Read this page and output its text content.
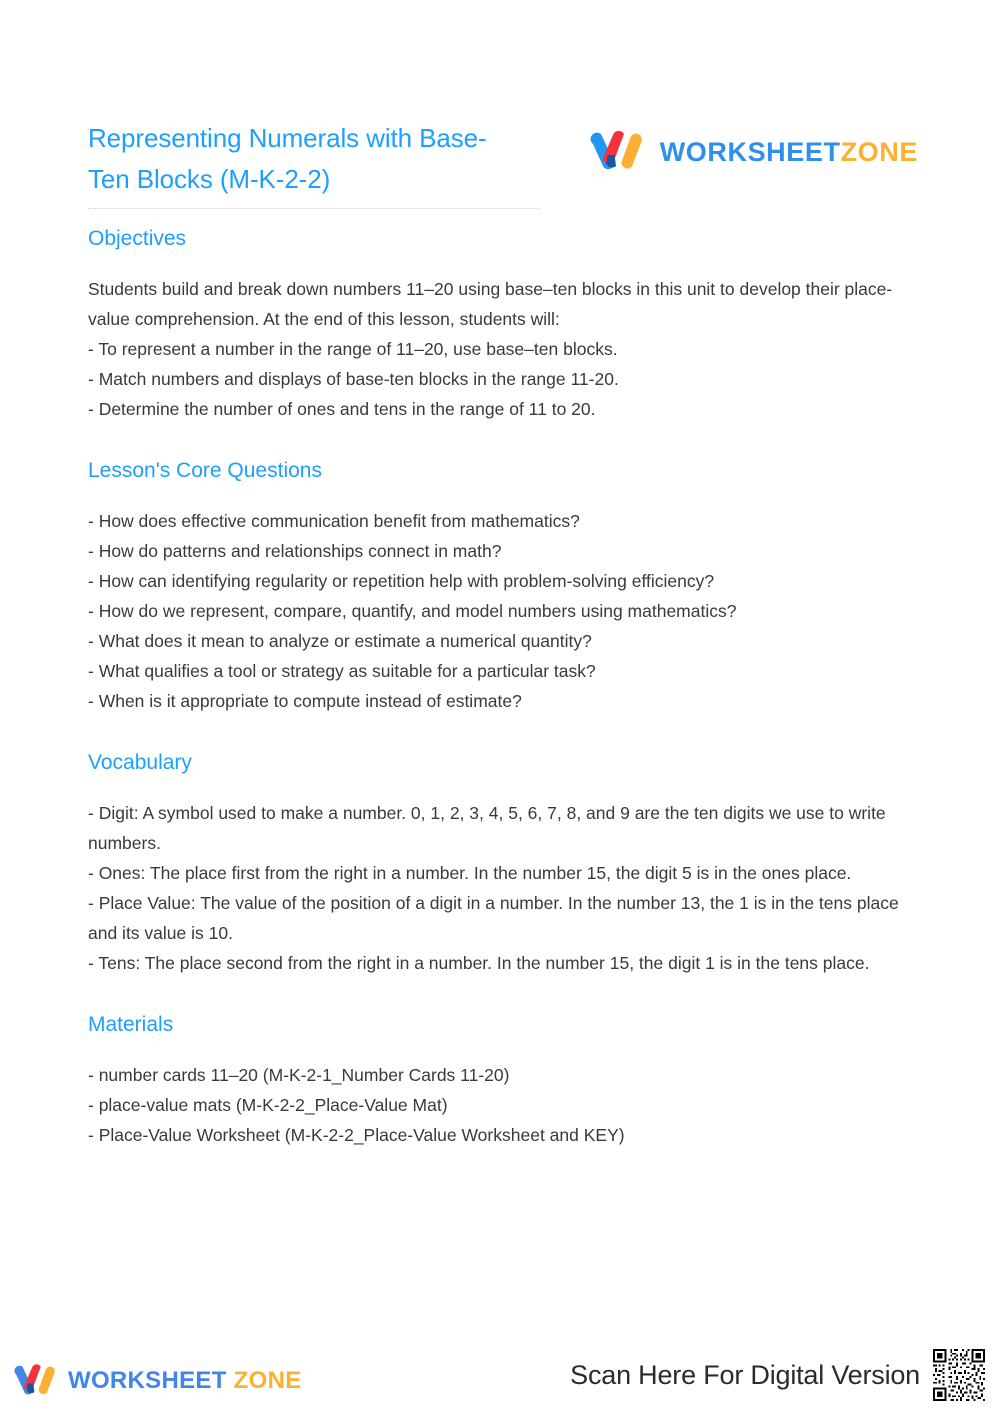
Representing Numerals with Base-
Ten Blocks (M-K-2-2)
WORKSHEETZONE
Objectives

Students build and break down numbers 11–20 using base–ten blocks in this unit to develop their place-value comprehension. At the end of this lesson, students will:

- To represent a number in the range of 11–20, use base–ten blocks.

- Match numbers and displays of base-ten blocks in the range 11-20.

- Determine the number of ones and tens in the range of 11 to 20.

Lesson's Core Questions

- How does effective communication benefit from mathematics?

- How do patterns and relationships connect in math?

- How can identifying regularity or repetition help with problem-solving efficiency?

- How do we represent, compare, quantify, and model numbers using mathematics?

- What does it mean to analyze or estimate a numerical quantity?

- What qualifies a tool or strategy as suitable for a particular task?

- When is it appropriate to compute instead of estimate?

Vocabulary

- Digit: A symbol used to make a number. 0, 1, 2, 3, 4, 5, 6, 7, 8, and 9 are the ten digits we use to write numbers.

- Ones: The place first from the right in a number. In the number 15, the digit 5 is in the ones place.

- Place Value: The value of the position of a digit in a number. In the number 13, the 1 is in the tens place and its value is 10.

- Tens: The place second from the right in a number. In the number 15, the digit 1 is in the tens place.

Materials

- number cards 11–20 (M-K-2-1_Number Cards 11-20)

- place-value mats (M-K-2-2_Place-Value Mat)

- Place-Value Worksheet (M-K-2-2_Place-Value Worksheet and KEY)

WORKSHEET ZONE	Scan Here For Digital Version
